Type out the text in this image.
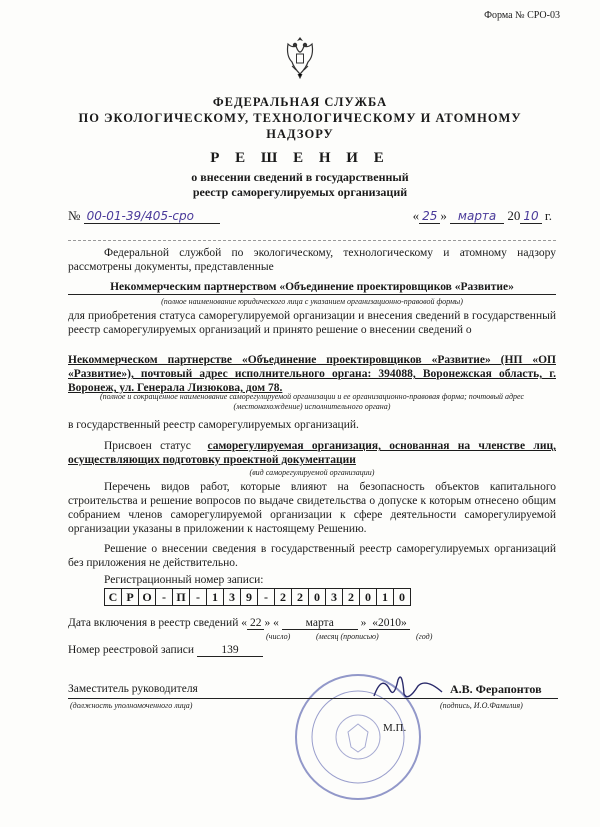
Форма № СРО-03
ФЕДЕРАЛЬНАЯ СЛУЖБА
ПО ЭКОЛОГИЧЕСКОМУ, ТЕХНОЛОГИЧЕСКОМУ И АТОМНОМУ
НАДЗОРУ
Р Е Ш Е Н И Е
о внесении сведений в государственный
реестр саморегулируемых организаций
№ 00-01-39/405-сро	« 25 » марта 20 10 г.
Федеральной службой по экологическому, технологическому и атомному надзору рассмотрены документы, представленные
Некоммерческим партнерством «Объединение проектировщиков «Развитие»
(полное наименование юридического лица с указанием организационно-правовой формы)
для приобретения статуса саморегулируемой организации и внесения сведений в государственный реестр саморегулируемых организаций и принято решение о внесении сведений о
Некоммерческом партнерстве «Объединение проектировщиков «Развитие» (НП «ОП «Развитие»), почтовый адрес исполнительного органа: 394088, Воронежская область, г. Воронеж, ул. Генерала Лизюкова, дом 78.
(полное и сокращенное наименование саморегулируемой организации и ее организационно-правовая форма; почтовый адрес
(местонахождение) исполнительного органа)
в государственный реестр саморегулируемых организаций.
Присвоен статус саморегулируемая организация, основанная на членстве лиц, осуществляющих подготовку проектной документации
(вид саморегулируемой организации)
Перечень видов работ, которые влияют на безопасность объектов капитального строительства и решение вопросов по выдаче свидетельства о допуске к которым отнесено общим собранием членов саморегулируемой организации к сфере деятельности саморегулируемой организации указаны в приложении к настоящему Решению.
Решение о внесении сведения в государственный реестр саморегулируемых организаций без приложения не действительно.
Регистрационный номер записи:
С	Р	О	-	П	-	1	3	9	-	2	2	0	3	2	0	1	0
Дата включения в реестр сведений « 22 » « марта » «2010»
(число)	(месяц (прописью)	(год)
Номер реестровой записи 139
Заместитель руководителя	А.В. Ферапонтов
(должность уполномоченного лица)	(подпись, И.О.Фамилия)
М.П.
